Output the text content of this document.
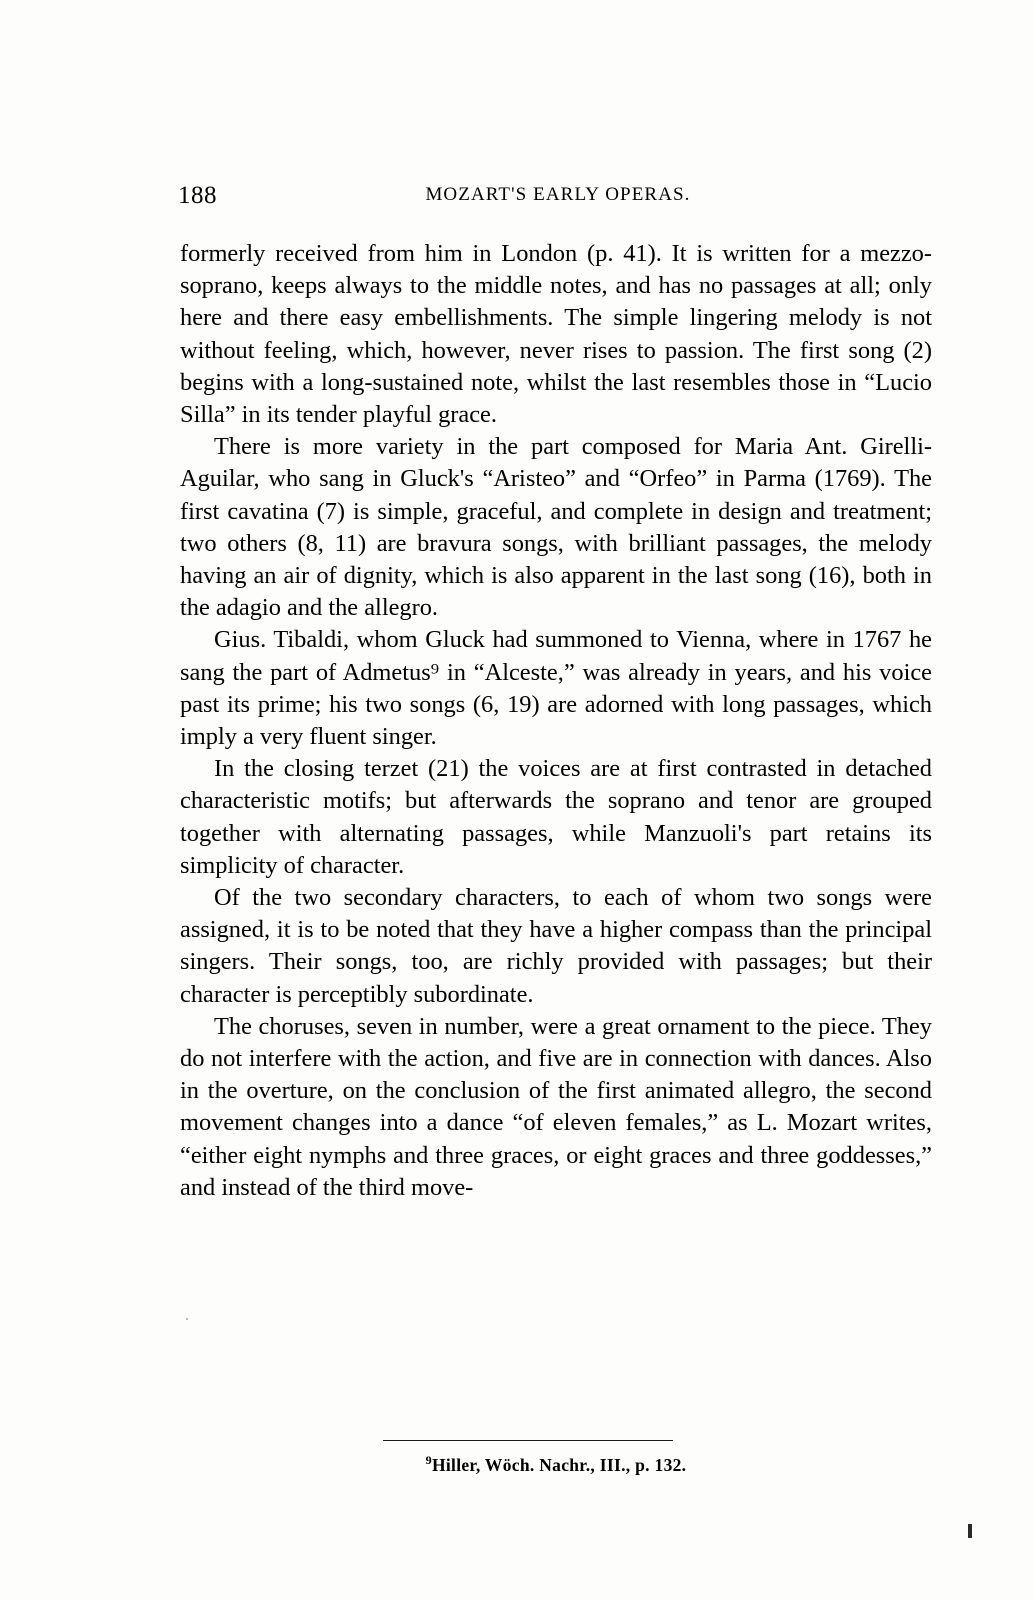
188	MOZART'S EARLY OPERAS.

formerly received from him in London (p. 41). It is written for a mezzo-soprano, keeps always to the middle notes, and has no passages at all; only here and there easy embellishments. The simple lingering melody is not without feeling, which, however, never rises to passion. The first song (2) begins with a long-sustained note, whilst the last resembles those in “Lucio Silla” in its tender playful grace.

There is more variety in the part composed for Maria Ant. Girelli-Aguilar, who sang in Gluck's “Aristeo” and “Orfeo” in Parma (1769). The first cavatina (7) is simple, graceful, and complete in design and treatment; two others (8, 11) are bravura songs, with brilliant passages, the melody having an air of dignity, which is also apparent in the last song (16), both in the adagio and the allegro.

Gius. Tibaldi, whom Gluck had summoned to Vienna, where in 1767 he sang the part of Admetus⁹ in “Alceste,” was already in years, and his voice past its prime; his two songs (6, 19) are adorned with long passages, which imply a very fluent singer.

In the closing terzet (21) the voices are at first contrasted in detached characteristic motifs; but afterwards the soprano and tenor are grouped together with alternating passages, while Manzuoli's part retains its simplicity of character.

Of the two secondary characters, to each of whom two songs were assigned, it is to be noted that they have a higher compass than the principal singers. Their songs, too, are richly provided with passages; but their character is perceptibly subordinate.

The choruses, seven in number, were a great ornament to the piece. They do not interfere with the action, and five are in connection with dances. Also in the overture, on the conclusion of the first animated allegro, the second movement changes into a dance “of eleven females,” as L. Mozart writes, “either eight nymphs and three graces, or eight graces and three goddesses,” and instead of the third move-

$^9$Hiller, Wöch. Nachr., III., p. 132.
